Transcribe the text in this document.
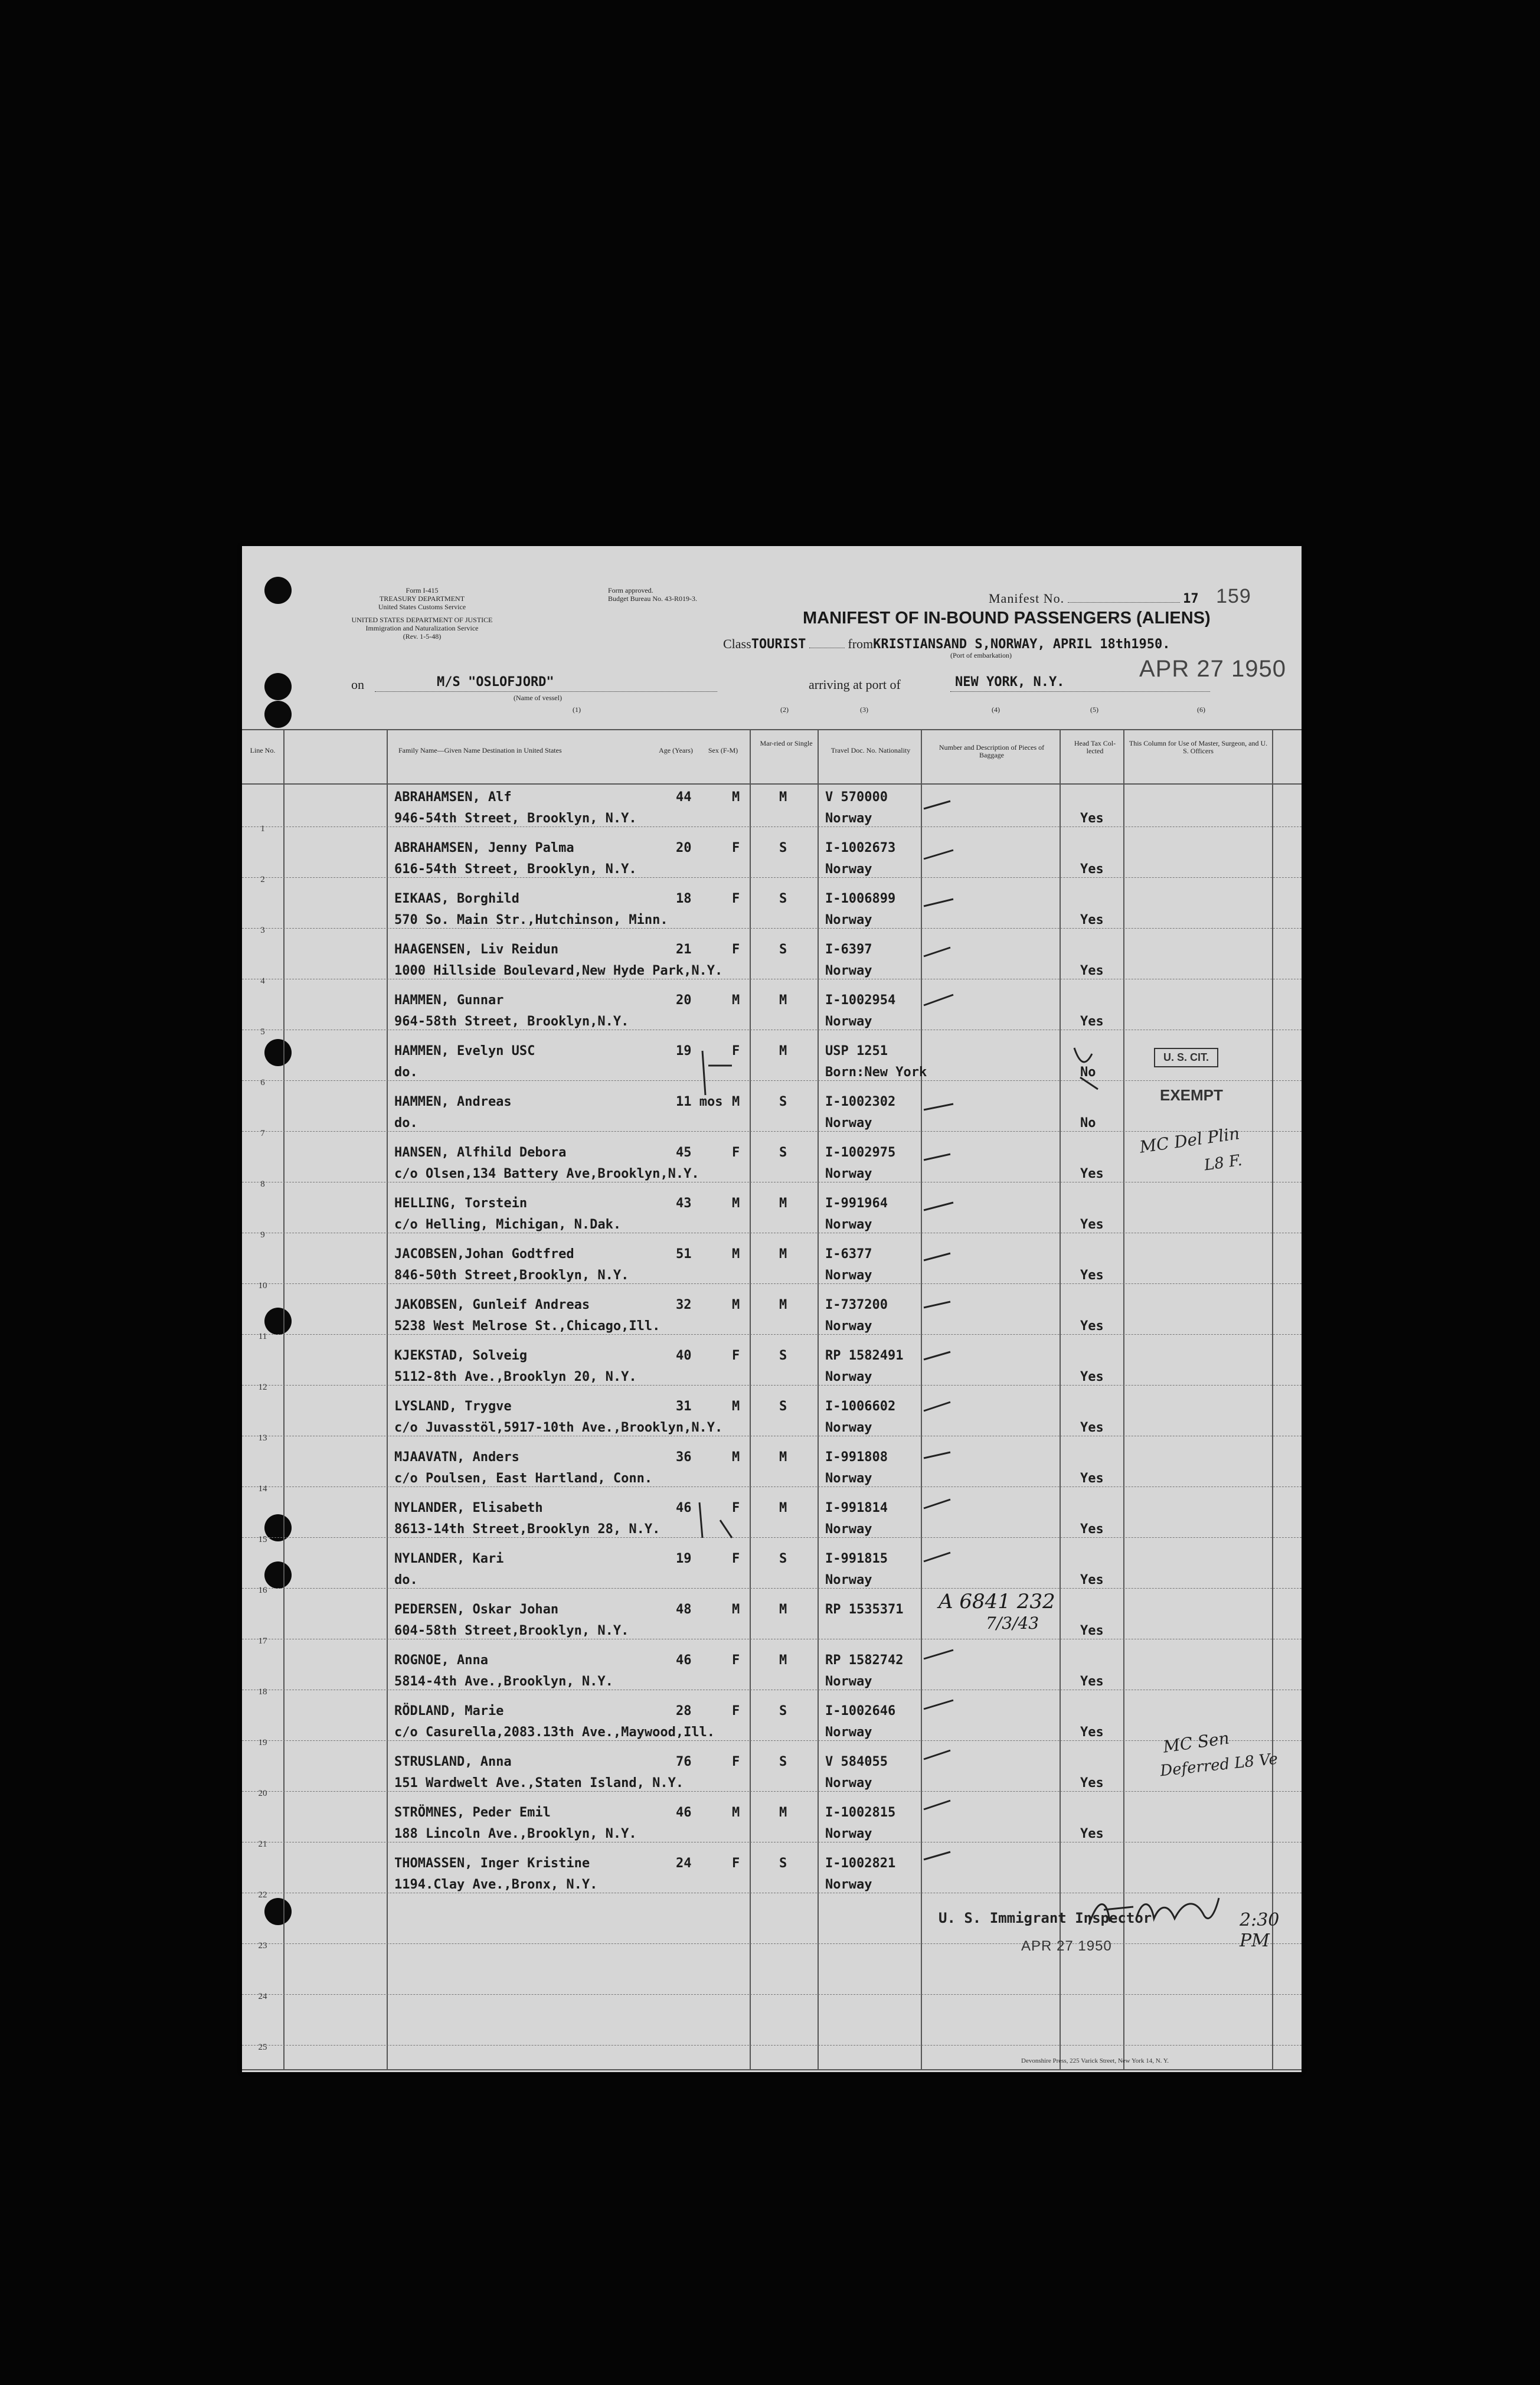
Form I-415
TREASURY DEPARTMENT
United States Customs Service
UNITED STATES DEPARTMENT OF JUSTICE
Immigration and Naturalization Service
(Rev. 1-5-48)
Form approved.
Budget Bureau No. 43-R019-3.	Manifest No.	17 159
MANIFEST OF IN-BOUND PASSENGERS (ALIENS)
ClassTOURIST	fromKRISTIANSAND S,NORWAY, APRIL 18th1950.
(Port of embarkation)
on	M/S "OSLOFJORD"
(Name of vessel)
arriving at port of	NEW YORK, N.Y.
APR 27 1950
(1)	(2)	(3)	(4)	(5)	(6)
Line No.	Family Name—Given Name Destination in United States	Age (Years)	Sex (F-M)
Mar-ried or Single
Travel Doc. No. Nationality	Number and Description of Pieces of Baggage
Head Tax Col-lected
This Column for Use of Master, Surgeon, and U. S. Officers
1
ABRAHAMSEN, Alf
946-54th Street, Brooklyn, N.Y.
44	M	M	V 570000
Norway	Yes
2
ABRAHAMSEN, Jenny Palma
616-54th Street, Brooklyn, N.Y.
20	F	S	I-1002673
Norway	Yes
3
EIKAAS, Borghild
570 So. Main Str.,Hutchinson, Minn.
18	F	S	I-1006899
Norway	Yes
4
HAAGENSEN, Liv Reidun
1000 Hillside Boulevard,New Hyde Park,N.Y.
21	F	S	I-6397
Norway	Yes
5
HAMMEN, Gunnar
964-58th Street, Brooklyn,N.Y.
20	M	M	I-1002954
Norway	Yes
6
HAMMEN, Evelyn USC
do.
19	F	M	USP 1251
Born:New York	No
7
HAMMEN, Andreas
do.
11 mos M	S	I-1002302
Norway	No
8
HANSEN, Alfhild Debora
c/o Olsen,134 Battery Ave,Brooklyn,N.Y.
45	F	S	I-1002975
Norway	Yes
9
HELLING, Torstein
c/o Helling, Michigan, N.Dak.
43	M	M	I-991964
Norway	Yes
10
JACOBSEN,Johan Godtfred
846-50th Street,Brooklyn, N.Y.
51	M	M	I-6377
Norway	Yes
11
JAKOBSEN, Gunleif Andreas
5238 West Melrose St.,Chicago,Ill.
32	M	M	I-737200
Norway	Yes
12
KJEKSTAD, Solveig
5112-8th Ave.,Brooklyn 20, N.Y.
40	F	S	RP 1582491
Norway	Yes
13
LYSLAND, Trygve
c/o Juvasstöl,5917-10th Ave.,Brooklyn,N.Y.
31	M	S	I-1006602
Norway	Yes
14
MJAAVATN, Anders
c/o Poulsen, East Hartland, Conn.
36	M	M	I-991808
Norway	Yes
15
NYLANDER, Elisabeth
8613-14th Street,Brooklyn 28, N.Y.
46	F	M	I-991814
Norway	Yes
16
NYLANDER, Kari
do.
19	F	S	I-991815
Norway	Yes
17
PEDERSEN, Oskar Johan
604-58th Street,Brooklyn, N.Y.
48	M	M	RP 1535371
Yes
18
ROGNOE, Anna
5814-4th Ave.,Brooklyn, N.Y.
46	F	M	RP 1582742
Norway	Yes
19
RÖDLAND, Marie
c/o Casurella,2083.13th Ave.,Maywood,Ill.
28	F	S	I-1002646
Norway	Yes
20
STRUSLAND, Anna
151 Wardwelt Ave.,Staten Island, N.Y.
76	F	S	V 584055
Norway	Yes
21
STRÖMNES, Peder Emil
188 Lincoln Ave.,Brooklyn, N.Y.
46	M	M	I-1002815
Norway	Yes
22
THOMASSEN, Inger Kristine
1194.Clay Ave.,Bronx, N.Y.
24	F	S	I-1002821
Norway
23
24
25
U. S. CIT.
EXEMPT
MC Del Plin
L8 F.
A 6841 232
7/3/43
MC Sen
Deferred L8 Ve
U. S. Immigrant Inspector
APR 27 1950
2:30 PM
Devonshire Press, 225 Varick Street, New York 14, N. Y.
